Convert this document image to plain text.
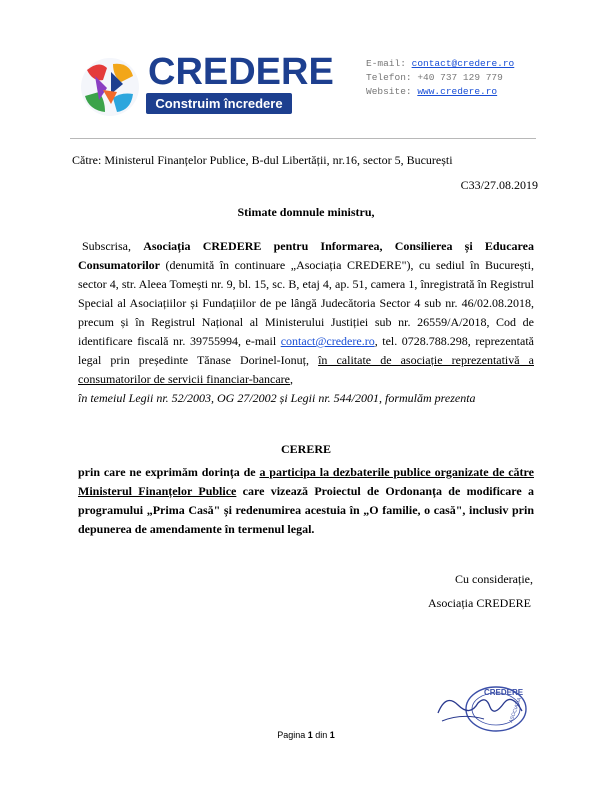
CREDERE
Construim încredere
E-mail: contact@credere.ro
Telefon: +40 737 129 779
Website: www.credere.ro
Către: Ministerul Finanțelor Publice, B-dul Libertății, nr.16, sector 5, București
C33/27.08.2019
Stimate domnule ministru,
Subscrisa, Asociația CREDERE pentru Informarea, Consilierea și Educarea Consumatorilor (denumită în continuare „Asociația CREDERE"), cu sediul în București, sector 4, str. Aleea Tomești nr. 9, bl. 15, sc. B, etaj 4, ap. 51, camera 1, înregistrată în Registrul Special al Asociațiilor și Fundațiilor de pe lângă Judecătoria Sector 4 sub nr. 46/02.08.2018, precum și în Registrul Național al Ministerului Justiției sub nr. 26559/A/2018, Cod de identificare fiscală nr. 39755994, e-mail contact@credere.ro, tel. 0728.788.298, reprezentată legal prin președinte Tănase Dorinel-Ionuț, în calitate de asociație reprezentativă a consumatorilor de servicii financiar-bancare,
în temeiul Legii nr. 52/2003, OG 27/2002 și Legii nr. 544/2001, formulăm prezenta
CERERE
prin care ne exprimăm dorința de a participa la dezbaterile publice organizate de către Ministerul Finanțelor Publice care vizează Proiectul de Ordonanța de modificare a programului „Prima Casă" și redenumirea acestuia în „O familie, o casă", inclusiv prin depunerea de amendamente în termenul legal.
Cu considerație,
Asociația CREDERE
CREDERE
ASOCIATIA
Pagina 1 din 1
